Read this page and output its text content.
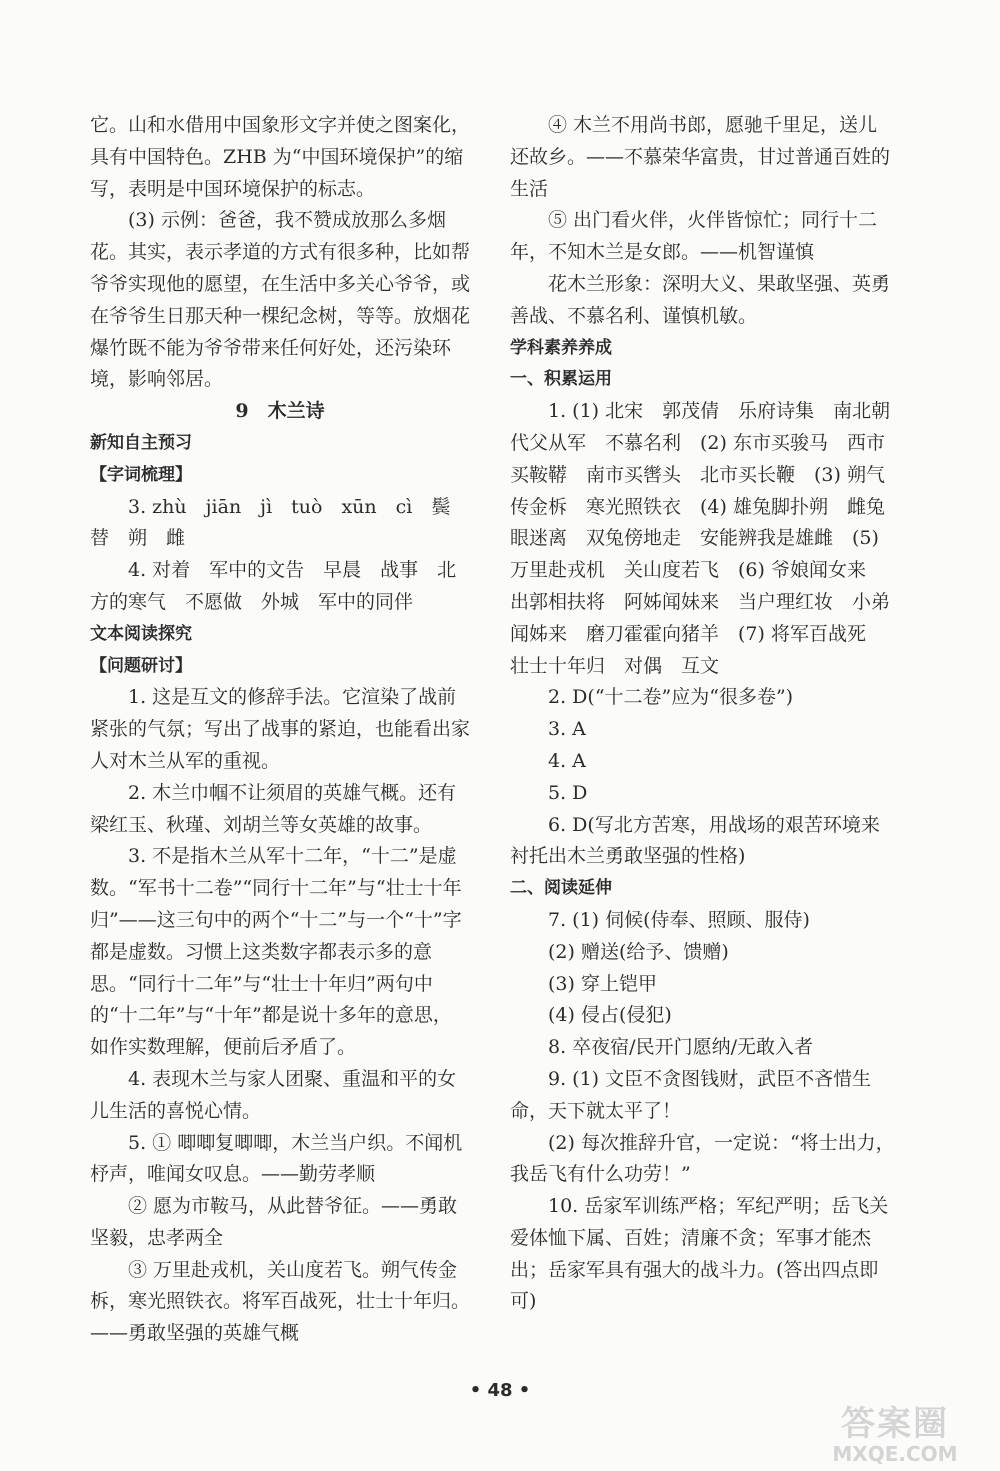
它。山和水借用中国象形文字并使之图案化，具有中国特色。ZHB 为“中国环境保护”的缩写，表明是中国环境保护的标志。

(3) 示例：爸爸，我不赞成放那么多烟花。其实，表示孝道的方式有很多种，比如帮爷爷实现他的愿望，在生活中多关心爷爷，或在爷爷生日那天种一棵纪念树，等等。放烟花爆竹既不能为爷爷带来任何好处，还污染环境，影响邻居。

9　木兰诗

新知自主预习

【字词梳理】

3. zhù　jiān　jì　tuò　xūn　cì　鬓　替　朔　雌

4. 对着　军中的文告　早晨　战事　北方的寒气　不愿做　外城　军中的同伴

文本阅读探究

【问题研讨】

1. 这是互文的修辞手法。它渲染了战前紧张的气氛；写出了战事的紧迫，也能看出家人对木兰从军的重视。

2. 木兰巾帼不让须眉的英雄气概。还有梁红玉、秋瑾、刘胡兰等女英雄的故事。

3. 不是指木兰从军十二年，“十二”是虚数。“军书十二卷”“同行十二年”与“壮士十年归”——这三句中的两个“十二”与一个“十”字都是虚数。习惯上这类数字都表示多的意思。“同行十二年”与“壮士十年归”两句中的“十二年”与“十年”都是说十多年的意思，如作实数理解，便前后矛盾了。

4. 表现木兰与家人团聚、重温和平的女儿生活的喜悦心情。

5. ① 唧唧复唧唧，木兰当户织。不闻机杼声，唯闻女叹息。——勤劳孝顺

② 愿为市鞍马，从此替爷征。——勇敢坚毅，忠孝两全

③ 万里赴戎机，关山度若飞。朔气传金柝，寒光照铁衣。将军百战死，壮士十年归。——勇敢坚强的英雄气概

④ 木兰不用尚书郎，愿驰千里足，送儿还故乡。——不慕荣华富贵，甘过普通百姓的生活

⑤ 出门看火伴，火伴皆惊忙；同行十二年，不知木兰是女郎。——机智谨慎

花木兰形象：深明大义、果敢坚强、英勇善战、不慕名利、谨慎机敏。

学科素养养成

一、积累运用

1. (1) 北宋　郭茂倩　乐府诗集　南北朝　代父从军　不慕名利　(2) 东市买骏马　西市买鞍鞯　南市买辔头　北市买长鞭　(3) 朔气传金柝　寒光照铁衣　(4) 雄兔脚扑朔　雌兔眼迷离　双兔傍地走　安能辨我是雄雌　(5) 万里赴戎机　关山度若飞　(6) 爷娘闻女来　出郭相扶将　阿姊闻妹来　当户理红妆　小弟闻姊来　磨刀霍霍向猪羊　(7) 将军百战死　壮士十年归　对偶　互文

2. D(“十二卷”应为“很多卷”)

3. A

4. A

5. D

6. D(写北方苦寒，用战场的艰苦环境来衬托出木兰勇敢坚强的性格)

二、阅读延伸

7. (1) 伺候(侍奉、照顾、服侍)

(2) 赠送(给予、馈赠)

(3) 穿上铠甲

(4) 侵占(侵犯)

8. 卒夜宿/民开门愿纳/无敢入者

9. (1) 文臣不贪图钱财，武臣不吝惜生命，天下就太平了！

(2) 每次推辞升官，一定说：“将士出力，我岳飞有什么功劳！”

10. 岳家军训练严格；军纪严明；岳飞关爱体恤下属、百姓；清廉不贪；军事才能杰出；岳家军具有强大的战斗力。(答出四点即可)

• 48 •
答案圈
MXQE.COM
